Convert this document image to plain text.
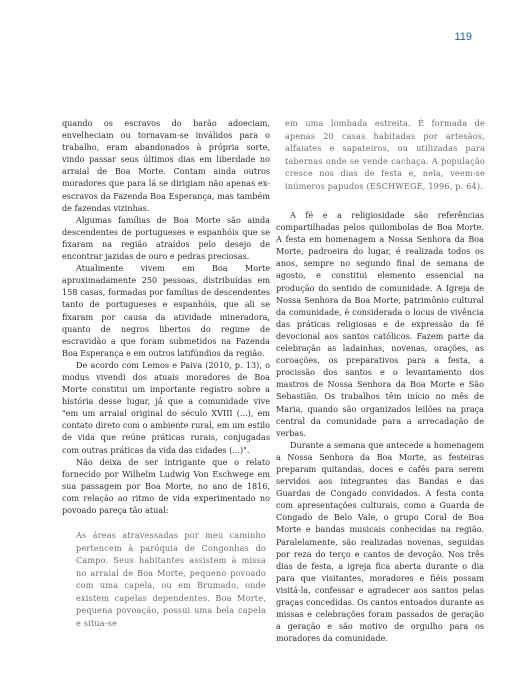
119

quando os escravos do barão adoeciam, envelheciam ou tornavam-se inválidos para o trabalho, eram abandonados à própria sorte, vindo passar seus últimos dias em liberdade no arraial de Boa Morte. Contam ainda outros moradores que para lá se dirigiam não apenas ex-escravos da Fazenda Boa Esperança, mas também de fazendas vizinhas.

Algumas famílias de Boa Morte são ainda descendentes de portugueses e espanhóis que se fixaram na região atraídos pelo desejo de encontrar jazidas de ouro e pedras preciosas.

Atualmente vivem em Boa Morte aproximadamente 250 pessoas, distribuídas em 158 casas, formadas por famílias de descendentes tanto de portugueses e espanhóis, que ali se fixaram por causa da atividade mineradora, quanto de negros libertos do regime de escravidão a que foram submetidos na Fazenda Boa Esperança e em outros latifúndios da região.

De acordo com Lemos e Paiva (2010, p. 13), o modus vivendi dos atuais moradores de Boa Morte constitui um importante registro sobre a história desse lugar, já que a comunidade vive "em um arraial original do século XVIII (...), em contato direto com o ambiente rural, em um estilo de vida que reúne práticas rurais, conjugadas com outras práticas da vida das cidades (...)".

Não deixa de ser intrigante que o relato fornecido por Wilhelm Ludwig Von Eschwege em sua passagem por Boa Morte, no ano de 1816, com relação ao ritmo de vida experimentado no povoado pareça tão atual:

As áreas atravessadas por meu caminho pertencem à paróquia de Congonhas do Campo. Seus habitantes assistem à missa no arraial de Boa Morte, pequeno povoado com uma capela, ou em Brumado, onde existem capelas dependentes. Boa Morte, pequena povoação, possui uma bela capela e situa-se

em uma lombada estreita. É formada de apenas 20 casas habitadas por artesãos, alfaiates e sapateiros, ou utilizadas para tabernas onde se vende cachaça. A população cresce nos dias de festa e, nela, veem-se inúmeros papudos (ESCHWEGE, 1996, p. 64).

A fé e a religiosidade são referências compartilhadas pelos quilombolas de Boa Morte. A festa em homenagem a Nossa Senhora da Boa Morte, padroeira do lugar, é realizada todos os anos, sempre no segundo final de semana de agosto, e constitui elemento essencial na produção do sentido de comunidade. A Igreja de Nossa Senhora da Boa Morte, patrimônio cultural da comunidade, é considerada o locus de vivência das práticas religiosas e de expressão da fé devocional aos santos católicos. Fazem parte da celebração as ladainhas, novenas, orações, as coroações, os preparativos para a festa, a procissão dos santos e o levantamento dos mastros de Nossa Senhora da Boa Morte e São Sebastião. Os trabalhos têm início no mês de Maria, quando são organizados leilões na praça central da comunidade para a arrecadação de verbas.

Durante a semana que antecede a homenagem a Nossa Senhora da Boa Morte, as festeiras preparam quitandas, doces e cafés para serem servidos aos integrantes das Bandas e das Guardas de Congado convidados. A festa conta com apresentações culturais, como a Guarda de Congado de Belo Vale, o grupo Coral de Boa Morte e bandas musicais conhecidas na região. Paralelamente, são realizadas novenas, seguidas por reza do terço e cantos de devoção. Nos três dias de festa, a igreja fica aberta durante o dia para que visitantes, moradores e fiéis possam visitá-la, confessar e agradecer aos santos pelas graças concedidas. Os cantos entoados durante as missas e celebrações foram passados de geração a geração e são motivo de orgulho para os moradores da comunidade.
